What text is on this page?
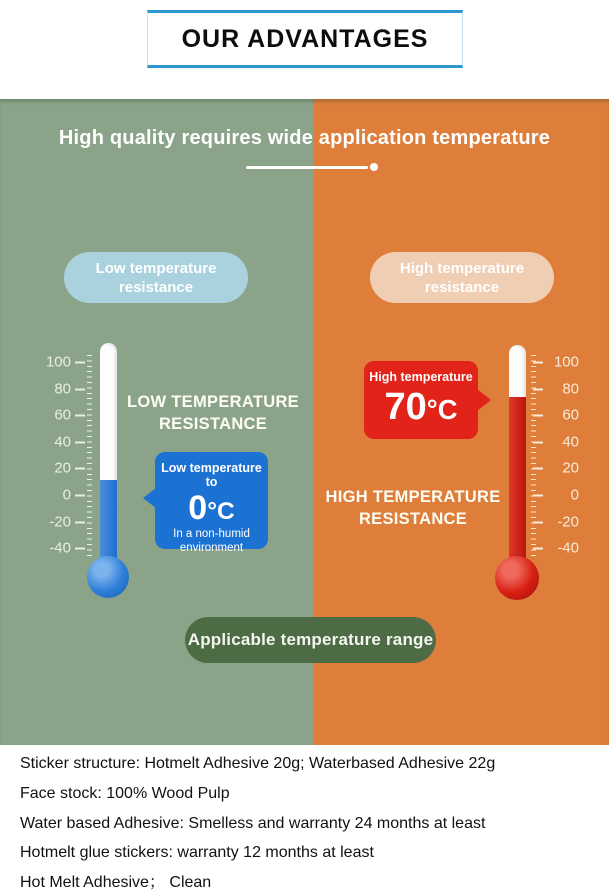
OUR ADVANTAGES
High quality requires wide application temperature
Low temperature resistance
High temperature resistance
100
80
60
40
20
0
-20
-40
LOW TEMPERATURE
RESISTANCE
Low temperature to
0°C
In a non-humid
environment
High temperature
70°C
HIGH TEMPERATURE
RESISTANCE
100
80
60
40
20
0
-20
-40
Applicable temperature range

Sticker structure: Hotmelt Adhesive 20g; Waterbased Adhesive 22g

Face stock: 100% Wood Pulp

Water based Adhesive: Smelless and warranty 24 months at least

Hotmelt glue stickers: warranty 12 months at least

Hot Melt Adhesive； Clean
